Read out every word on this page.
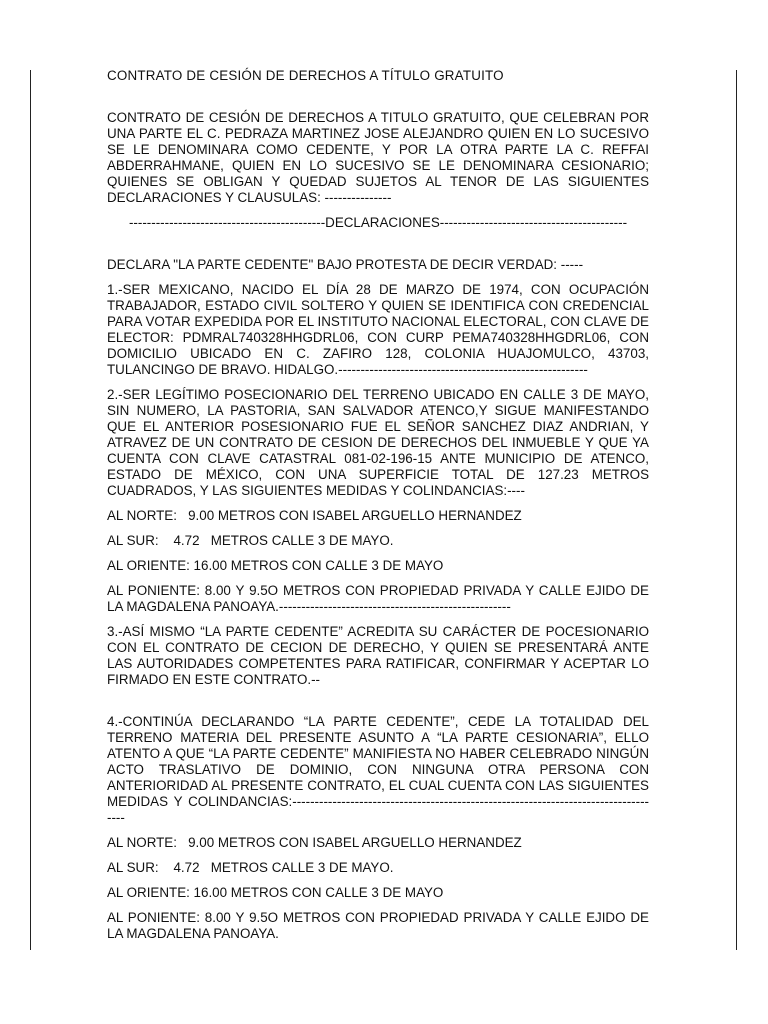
CONTRATO DE CESIÓN DE DERECHOS A TÍTULO GRATUITO

CONTRATO DE CESIÓN DE DERECHOS A TITULO GRATUITO, QUE CELEBRAN POR UNA PARTE EL C. PEDRAZA MARTINEZ JOSE ALEJANDRO QUIEN EN LO SUCESIVO SE LE DENOMINARA COMO CEDENTE, Y POR LA OTRA PARTE LA C. REFFAI ABDERRAHMANE, QUIEN EN LO SUCESIVO SE LE DENOMINARA CESIONARIO; QUIENES SE OBLIGAN Y QUEDAD SUJETOS AL TENOR DE LAS SIGUIENTES DECLARACIONES Y CLAUSULAS: ---------------

--------------------------------------------DECLARACIONES------------------------------------------

DECLARA "LA PARTE CEDENTE" BAJO PROTESTA DE DECIR VERDAD: -----

1.-SER MEXICANO, NACIDO EL DÍA 28 DE MARZO DE 1974, CON OCUPACIÓN TRABAJADOR, ESTADO CIVIL SOLTERO Y QUIEN SE IDENTIFICA CON CREDENCIAL PARA VOTAR EXPEDIDA POR EL INSTITUTO NACIONAL ELECTORAL, CON CLAVE DE ELECTOR: PDMRAL740328HHGDRL06, CON CURP PEMA740328HHGDRL06, CON DOMICILIO UBICADO EN C. ZAFIRO 128, COLONIA HUAJOMULCO, 43703, TULANCINGO DE BRAVO. HIDALGO.--------------------------------------------------------

2.-SER LEGÍTIMO POSECIONARIO DEL TERRENO UBICADO EN CALLE 3 DE MAYO, SIN NUMERO, LA PASTORIA, SAN SALVADOR ATENCO,Y SIGUE MANIFESTANDO QUE EL ANTERIOR POSESIONARIO FUE EL SEÑOR SANCHEZ DIAZ ANDRIAN, Y ATRAVEZ DE UN CONTRATO DE CESION DE DERECHOS DEL INMUEBLE Y QUE YA CUENTA CON CLAVE CATASTRAL 081-02-196-15 ANTE MUNICIPIO DE ATENCO, ESTADO DE MÉXICO, CON UNA SUPERFICIE TOTAL DE 127.23 METROS CUADRADOS, Y LAS SIGUIENTES MEDIDAS Y COLINDANCIAS:----

AL NORTE:   9.00 METROS CON ISABEL ARGUELLO HERNANDEZ

AL SUR:    4.72   METROS CALLE 3 DE MAYO.

AL ORIENTE: 16.00 METROS CON CALLE 3 DE MAYO

AL PONIENTE: 8.00 Y 9.5O METROS CON PROPIEDAD PRIVADA Y CALLE EJIDO DE LA MAGDALENA PANOAYA.----------------------------------------------------

3.-ASÍ MISMO “LA PARTE CEDENTE” ACREDITA SU CARÁCTER DE POCESIONARIO CON EL CONTRATO DE CECION DE DERECHO, Y QUIEN SE PRESENTARÁ ANTE LAS AUTORIDADES COMPETENTES PARA RATIFICAR, CONFIRMAR Y ACEPTAR LO FIRMADO EN ESTE CONTRATO.--

4.-CONTINÚA DECLARANDO “LA PARTE CEDENTE”, CEDE LA TOTALIDAD DEL TERRENO MATERIA DEL PRESENTE ASUNTO A “LA PARTE CESIONARIA”, ELLO ATENTO A QUE “LA PARTE CEDENTE” MANIFIESTA NO HABER CELEBRADO NINGÚN ACTO TRASLATIVO DE DOMINIO, CON NINGUNA OTRA PERSONA CON ANTERIORIDAD AL PRESENTE CONTRATO, EL CUAL CUENTA CON LAS SIGUIENTES MEDIDAS Y COLINDANCIAS:------------------------------------------------------------------------------------

AL NORTE:   9.00 METROS CON ISABEL ARGUELLO HERNANDEZ

AL SUR:    4.72   METROS CALLE 3 DE MAYO.

AL ORIENTE: 16.00 METROS CON CALLE 3 DE MAYO

AL PONIENTE: 8.00 Y 9.5O METROS CON PROPIEDAD PRIVADA Y CALLE EJIDO DE LA MAGDALENA PANOAYA.
